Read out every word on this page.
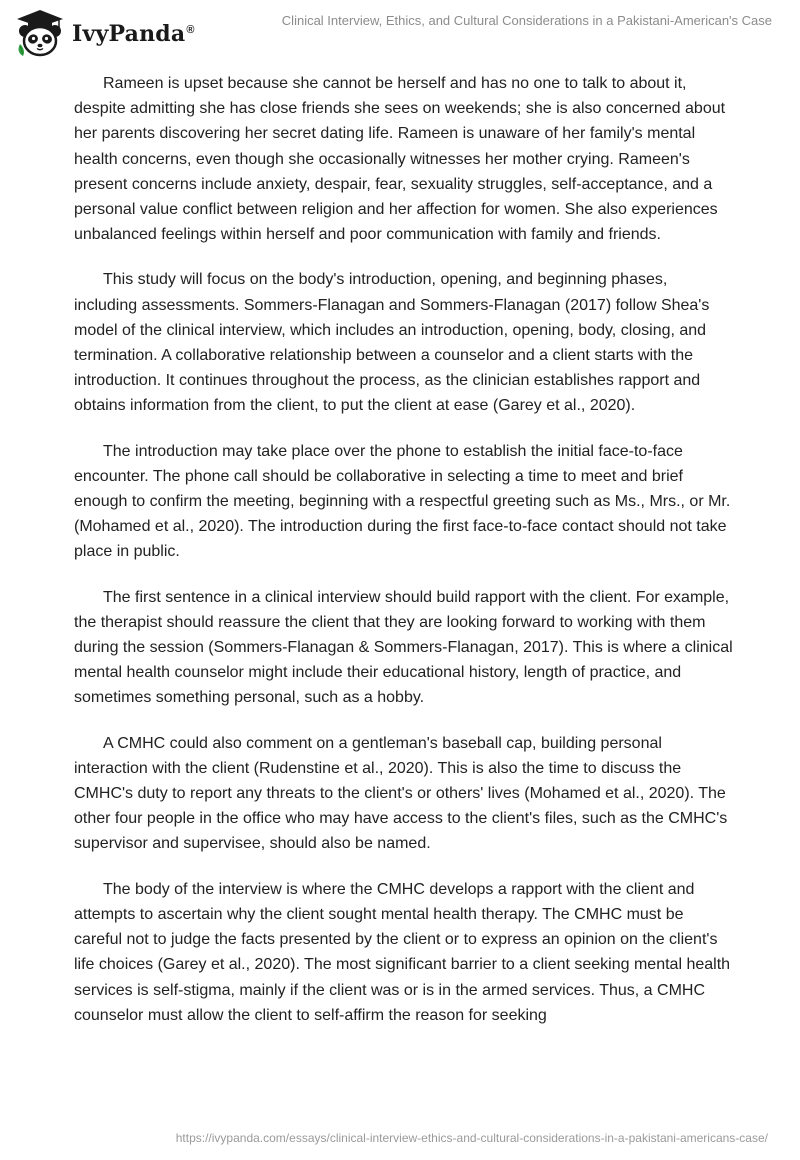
IvyPanda®
Clinical Interview, Ethics, and Cultural Considerations in a Pakistani-American's Case

Rameen is upset because she cannot be herself and has no one to talk to about it, despite admitting she has close friends she sees on weekends; she is also concerned about her parents discovering her secret dating life. Rameen is unaware of her family's mental health concerns, even though she occasionally witnesses her mother crying. Rameen's present concerns include anxiety, despair, fear, sexuality struggles, self-acceptance, and a personal value conflict between religion and her affection for women. She also experiences unbalanced feelings within herself and poor communication with family and friends.

This study will focus on the body's introduction, opening, and beginning phases, including assessments. Sommers-Flanagan and Sommers-Flanagan (2017) follow Shea's model of the clinical interview, which includes an introduction, opening, body, closing, and termination. A collaborative relationship between a counselor and a client starts with the introduction. It continues throughout the process, as the clinician establishes rapport and obtains information from the client, to put the client at ease (Garey et al., 2020).

The introduction may take place over the phone to establish the initial face-to-face encounter. The phone call should be collaborative in selecting a time to meet and brief enough to confirm the meeting, beginning with a respectful greeting such as Ms., Mrs., or Mr. (Mohamed et al., 2020). The introduction during the first face-to-face contact should not take place in public.

The first sentence in a clinical interview should build rapport with the client. For example, the therapist should reassure the client that they are looking forward to working with them during the session (Sommers-Flanagan & Sommers-Flanagan, 2017). This is where a clinical mental health counselor might include their educational history, length of practice, and sometimes something personal, such as a hobby.

A CMHC could also comment on a gentleman's baseball cap, building personal interaction with the client (Rudenstine et al., 2020). This is also the time to discuss the CMHC's duty to report any threats to the client's or others' lives (Mohamed et al., 2020). The other four people in the office who may have access to the client's files, such as the CMHC's supervisor and supervisee, should also be named.

The body of the interview is where the CMHC develops a rapport with the client and attempts to ascertain why the client sought mental health therapy. The CMHC must be careful not to judge the facts presented by the client or to express an opinion on the client's life choices (Garey et al., 2020). The most significant barrier to a client seeking mental health services is self-stigma, mainly if the client was or is in the armed services. Thus, a CMHC counselor must allow the client to self-affirm the reason for seeking

https://ivypanda.com/essays/clinical-interview-ethics-and-cultural-considerations-in-a-pakistani-americans-case/
